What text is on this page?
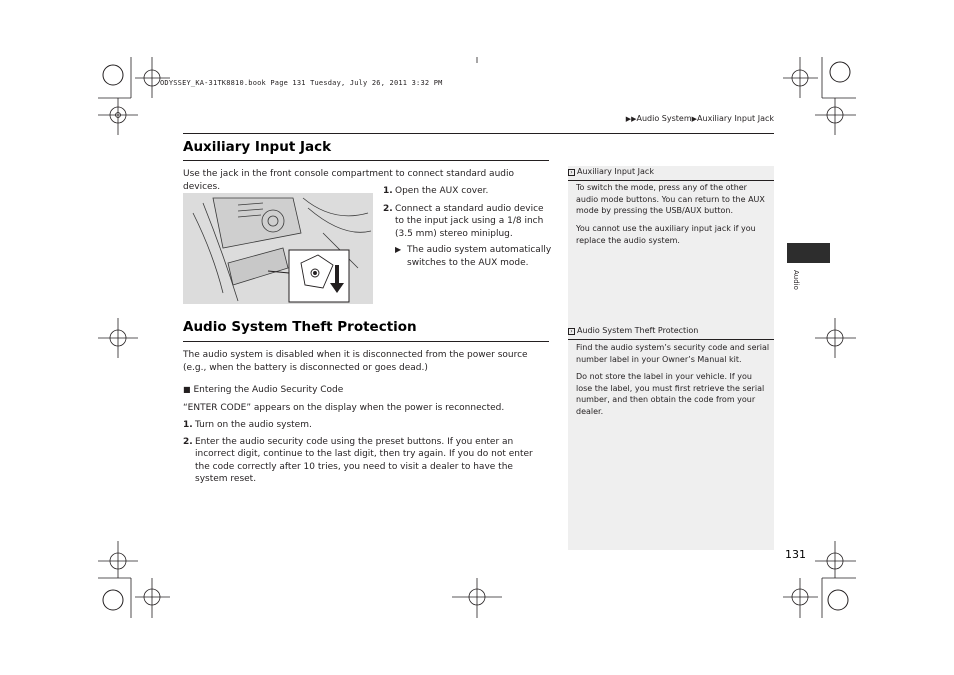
ODYSSEY_KA-31TK8810.book Page 131 Tuesday, July 26, 2011 3:32 PM
▶▶Audio System▶Auxiliary Input Jack
Auxiliary Input Jack
Use the jack in the front console compartment to connect standard audio devices.	1. Open the AUX cover.
2. Connect a standard audio device to the input jack using a 1/8 inch (3.5 mm) stereo miniplug.
▶ The audio system automatically switches to the AUX mode.
Audio System Theft Protection
The audio system is disabled when it is disconnected from the power source (e.g., when the battery is disconnected or goes dead.)
■ Entering the Audio Security Code
“ENTER CODE” appears on the display when the power is reconnected.
1. Turn on the audio system.
2. Enter the audio security code using the preset buttons. If you enter an incorrect digit, continue to the last digit, then try again. If you do not enter the code correctly after 10 tries, you need to visit a dealer to have the system reset.
› Auxiliary Input Jack
To switch the mode, press any of the other audio mode buttons. You can return to the AUX mode by pressing the USB/AUX button.
You cannot use the auxiliary input jack if you replace the audio system.
› Audio System Theft Protection
Find the audio system’s security code and serial number label in your Owner’s Manual kit.
Do not store the label in your vehicle. If you lose the label, you must first retrieve the serial number, and then obtain the code from your dealer.
Audio
131
